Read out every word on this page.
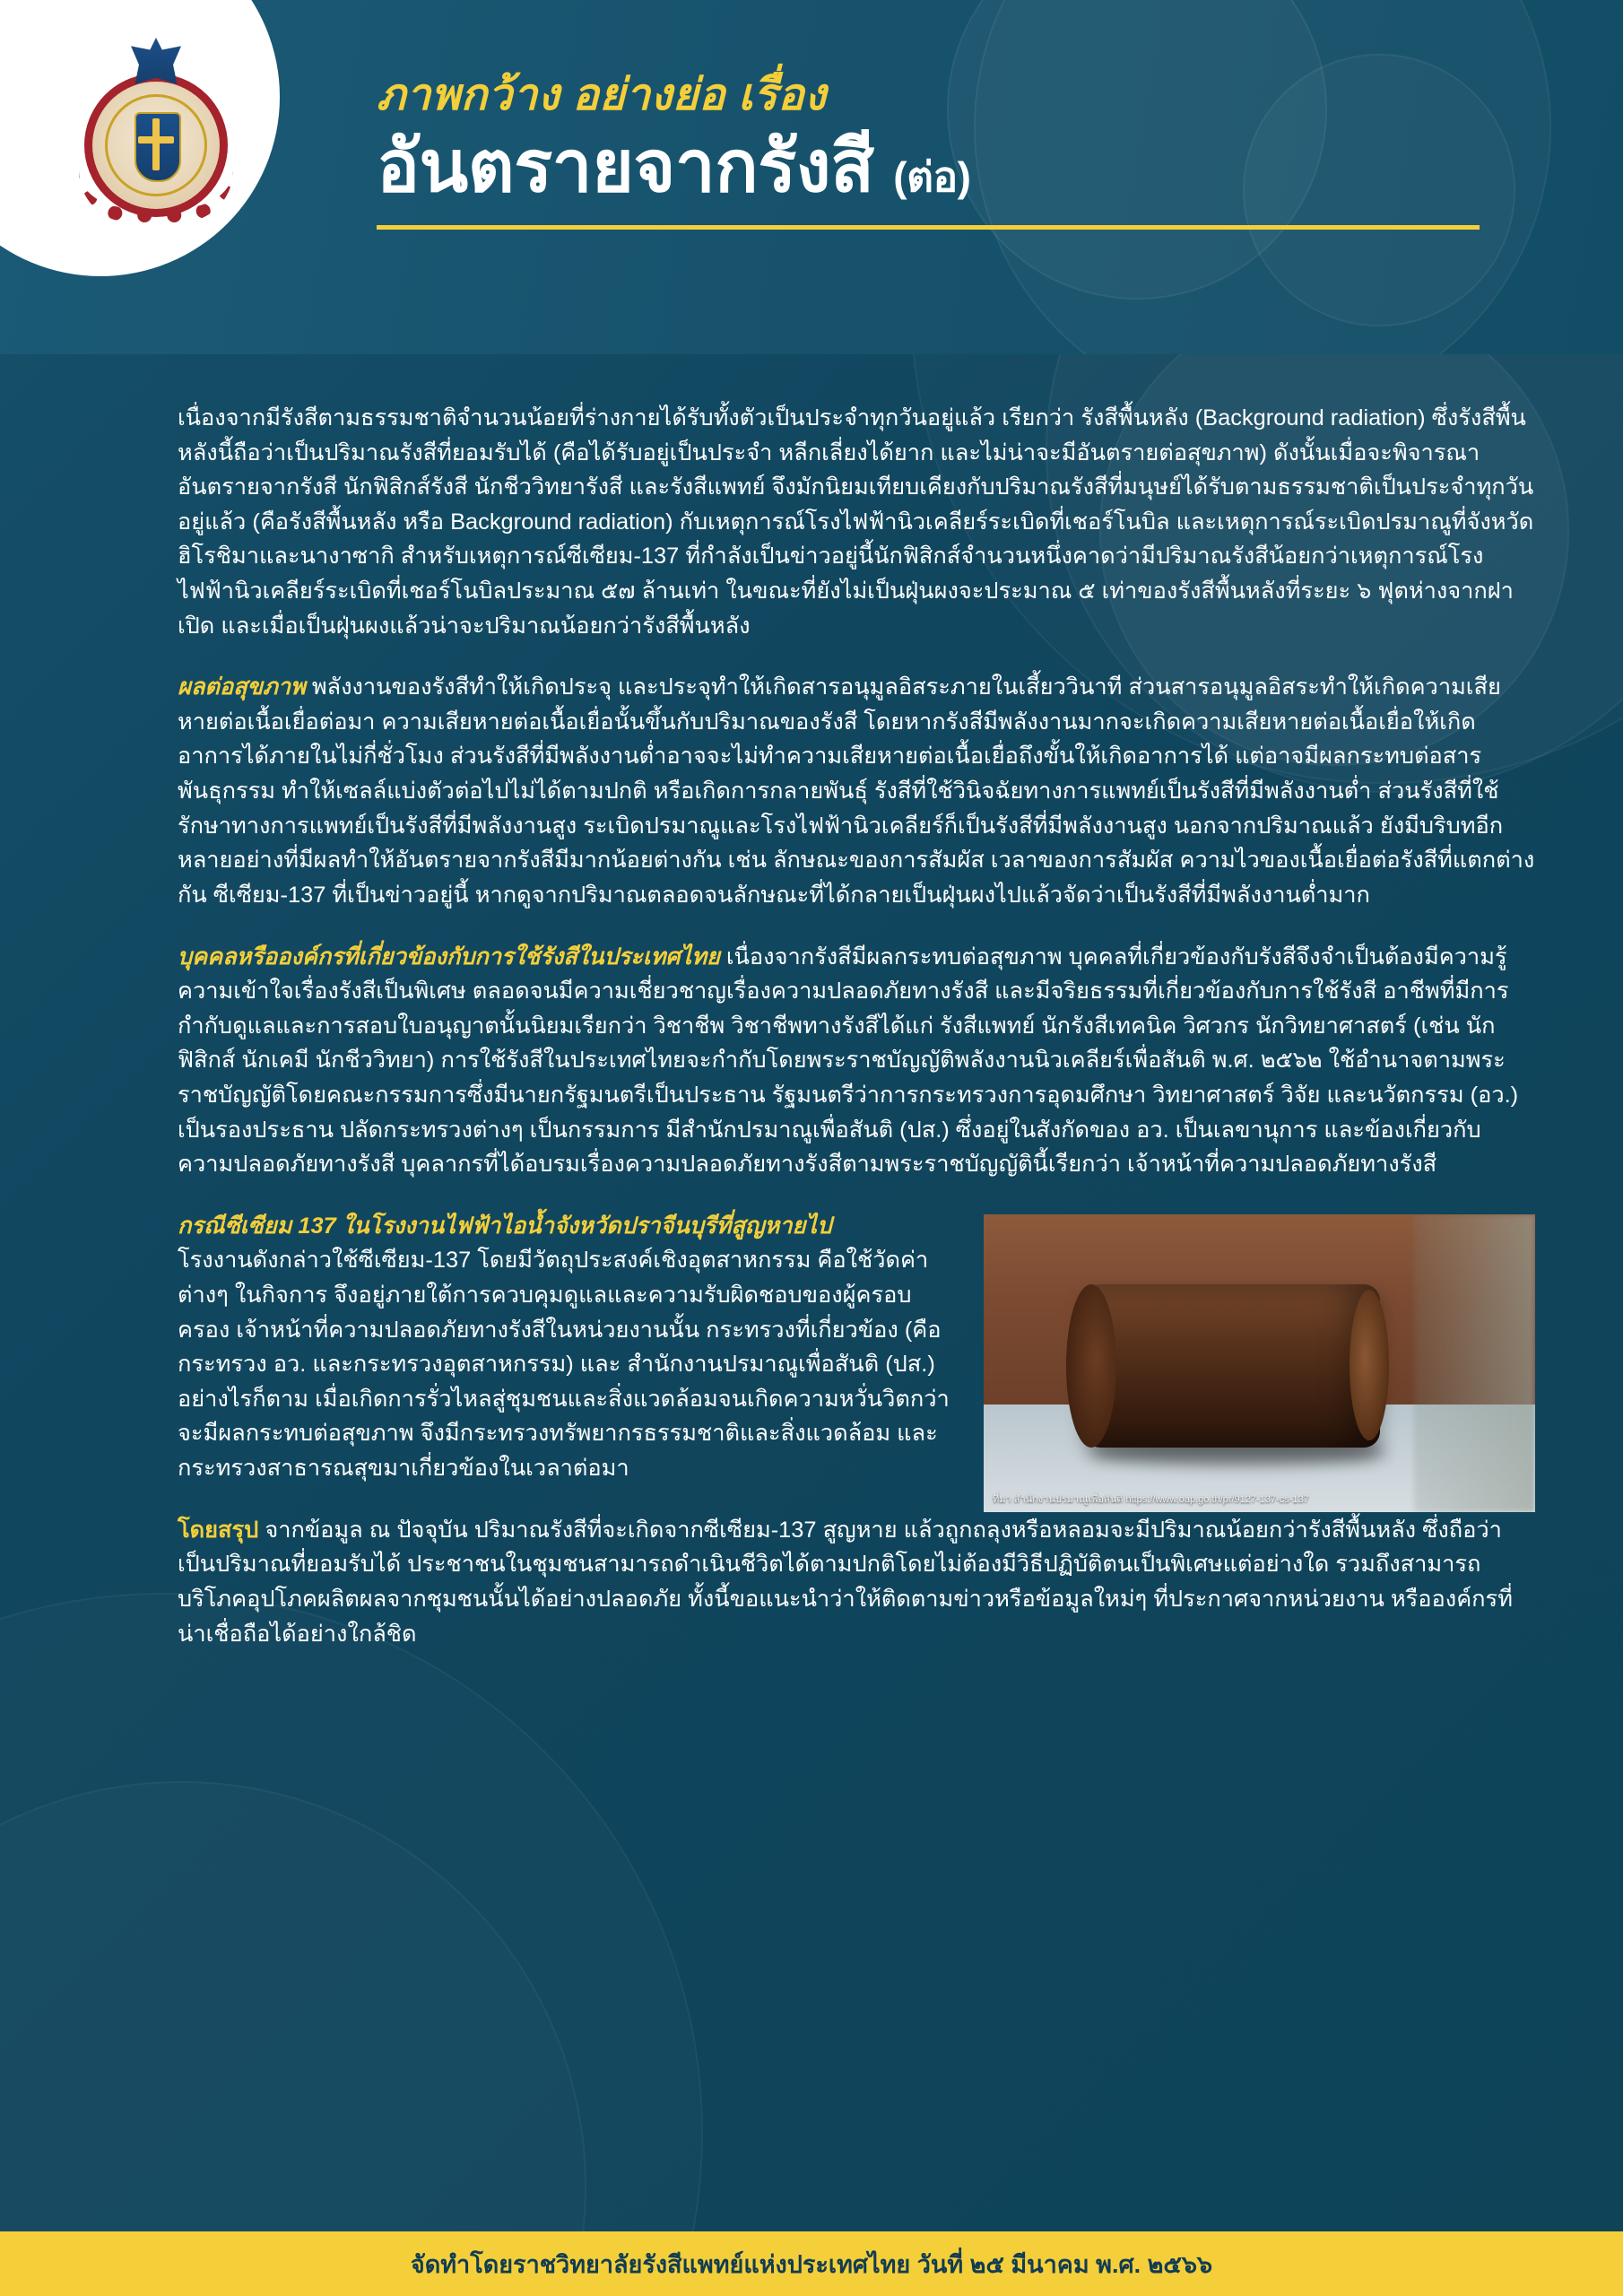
ภาพกว้าง อย่างย่อ เรื่อง

อันตรายจากรังสี (ต่อ)

เนื่องจากมีรังสีตามธรรมชาติจำนวนน้อยที่ร่างกายได้รับทั้งตัวเป็นประจำทุกวันอยู่แล้ว เรียกว่า รังสีพื้นหลัง (Background radiation) ซึ่งรังสีพื้นหลังนี้ถือว่าเป็นปริมาณรังสีที่ยอมรับได้ (คือได้รับอยู่เป็นประจำ หลีกเลี่ยงได้ยาก และไม่น่าจะมีอันตรายต่อสุขภาพ) ดังนั้นเมื่อจะพิจารณาอันตรายจากรังสี นักฟิสิกส์รังสี นักชีววิทยารังสี และรังสีแพทย์ จึงมักนิยมเทียบเคียงกับปริมาณรังสีที่มนุษย์ได้รับตามธรรมชาติเป็นประจำทุกวันอยู่แล้ว (คือรังสีพื้นหลัง หรือ Background radiation) กับเหตุการณ์โรงไฟฟ้านิวเคลียร์ระเบิดที่เชอร์โนบิล และเหตุการณ์ระเบิดปรมาณูที่จังหวัดฮิโรชิมาและนางาซากิ สำหรับเหตุการณ์ซีเซียม-137 ที่กำลังเป็นข่าวอยู่นี้นักฟิสิกส์จำนวนหนึ่งคาดว่ามีปริมาณรังสีน้อยกว่าเหตุการณ์โรงไฟฟ้านิวเคลียร์ระเบิดที่เชอร์โนบิลประมาณ ๕๗ ล้านเท่า ในขณะที่ยังไม่เป็นฝุ่นผงจะประมาณ ๕ เท่าของรังสีพื้นหลังที่ระยะ ๖ ฟุตห่างจากฝาเปิด และเมื่อเป็นฝุ่นผงแล้วน่าจะปริมาณน้อยกว่ารังสีพื้นหลัง

ผลต่อสุขภาพ พลังงานของรังสีทำให้เกิดประจุ และประจุทำให้เกิดสารอนุมูลอิสระภายในเสี้ยววินาที ส่วนสารอนุมูลอิสระทำให้เกิดความเสียหายต่อเนื้อเยื่อต่อมา ความเสียหายต่อเนื้อเยื่อนั้นขึ้นกับปริมาณของรังสี โดยหากรังสีมีพลังงานมากจะเกิดความเสียหายต่อเนื้อเยื่อให้เกิดอาการได้ภายในไม่กี่ชั่วโมง ส่วนรังสีที่มีพลังงานต่ำอาจจะไม่ทำความเสียหายต่อเนื้อเยื่อถึงขั้นให้เกิดอาการได้ แต่อาจมีผลกระทบต่อสารพันธุกรรม ทำให้เซลล์แบ่งตัวต่อไปไม่ได้ตามปกติ หรือเกิดการกลายพันธุ์ รังสีที่ใช้วินิจฉัยทางการแพทย์เป็นรังสีที่มีพลังงานต่ำ ส่วนรังสีที่ใช้รักษาทางการแพทย์เป็นรังสีที่มีพลังงานสูง ระเบิดปรมาณูและโรงไฟฟ้านิวเคลียร์ก็เป็นรังสีที่มีพลังงานสูง นอกจากปริมาณแล้ว ยังมีบริบทอีกหลายอย่างที่มีผลทำให้อันตรายจากรังสีมีมากน้อยต่างกัน เช่น ลักษณะของการสัมผัส เวลาของการสัมผัส ความไวของเนื้อเยื่อต่อรังสีที่แตกต่างกัน ซีเซียม-137 ที่เป็นข่าวอยู่นี้ หากดูจากปริมาณตลอดจนลักษณะที่ได้กลายเป็นฝุ่นผงไปแล้วจัดว่าเป็นรังสีที่มีพลังงานต่ำมาก

บุคคลหรือองค์กรที่เกี่ยวข้องกับการใช้รังสีในประเทศไทย เนื่องจากรังสีมีผลกระทบต่อสุขภาพ บุคคลที่เกี่ยวข้องกับรังสีจึงจำเป็นต้องมีความรู้ความเข้าใจเรื่องรังสีเป็นพิเศษ ตลอดจนมีความเชี่ยวชาญเรื่องความปลอดภัยทางรังสี และมีจริยธรรมที่เกี่ยวข้องกับการใช้รังสี อาชีพที่มีการกำกับดูแลและการสอบใบอนุญาตนั้นนิยมเรียกว่า วิชาชีพ วิชาชีพทางรังสีได้แก่ รังสีแพทย์ นักรังสีเทคนิค วิศวกร นักวิทยาศาสตร์ (เช่น นักฟิสิกส์ นักเคมี นักชีววิทยา) การใช้รังสีในประเทศไทยจะกำกับโดยพระราชบัญญัติพลังงานนิวเคลียร์เพื่อสันติ พ.ศ. ๒๕๖๒ ใช้อำนาจตามพระราชบัญญัติโดยคณะกรรมการซึ่งมีนายกรัฐมนตรีเป็นประธาน รัฐมนตรีว่าการกระทรวงการอุดมศึกษา วิทยาศาสตร์ วิจัย และนวัตกรรม (อว.) เป็นรองประธาน ปลัดกระทรวงต่างๆ เป็นกรรมการ มีสำนักปรมาณูเพื่อสันติ (ปส.) ซึ่งอยู่ในสังกัดของ อว. เป็นเลขานุการ และข้องเกี่ยวกับความปลอดภัยทางรังสี บุคลากรที่ได้อบรมเรื่องความปลอดภัยทางรังสีตามพระราชบัญญัตินี้เรียกว่า เจ้าหน้าที่ความปลอดภัยทางรังสี

ที่มา สำนักงานปรมาณูเพื่อสันติ https://www.oap.go.th/pr/9127-137-cs-137

กรณีซีเซียม 137 ในโรงงานไฟฟ้าไอน้ำจังหวัดปราจีนบุรีที่สูญหายไป
โรงงานดังกล่าวใช้ซีเซียม-137 โดยมีวัตถุประสงค์เชิงอุตสาหกรรม คือใช้วัดค่าต่างๆ ในกิจการ จึงอยู่ภายใต้การควบคุมดูแลและความรับผิดชอบของผู้ครอบครอง เจ้าหน้าที่ความปลอดภัยทางรังสีในหน่วยงานนั้น กระทรวงที่เกี่ยวข้อง (คือกระทรวง อว. และกระทรวงอุตสาหกรรม) และ สำนักงานปรมาณูเพื่อสันติ (ปส.) อย่างไรก็ตาม เมื่อเกิดการรั่วไหลสู่ชุมชนและสิ่งแวดล้อมจนเกิดความหวั่นวิตกว่าจะมีผลกระทบต่อสุขภาพ จึงมีกระทรวงทรัพยากรธรรมชาติและสิ่งแวดล้อม และกระทรวงสาธารณสุขมาเกี่ยวข้องในเวลาต่อมา

โดยสรุป จากข้อมูล ณ ปัจจุบัน ปริมาณรังสีที่จะเกิดจากซีเซียม-137 สูญหาย แล้วถูกถลุงหรือหลอมจะมีปริมาณน้อยกว่ารังสีพื้นหลัง ซึ่งถือว่าเป็นปริมาณที่ยอมรับได้ ประชาชนในชุมชนสามารถดำเนินชีวิตได้ตามปกติโดยไม่ต้องมีวิธีปฏิบัติตนเป็นพิเศษแต่อย่างใด รวมถึงสามารถบริโภคอุปโภคผลิตผลจากชุมชนนั้นได้อย่างปลอดภัย ทั้งนี้ขอแนะนำว่าให้ติดตามข่าวหรือข้อมูลใหม่ๆ ที่ประกาศจากหน่วยงาน หรือองค์กรที่น่าเชื่อถือได้อย่างใกล้ชิด

จัดทำโดยราชวิทยาลัยรังสีแพทย์แห่งประเทศไทย วันที่ ๒๕ มีนาคม พ.ศ. ๒๕๖๖
